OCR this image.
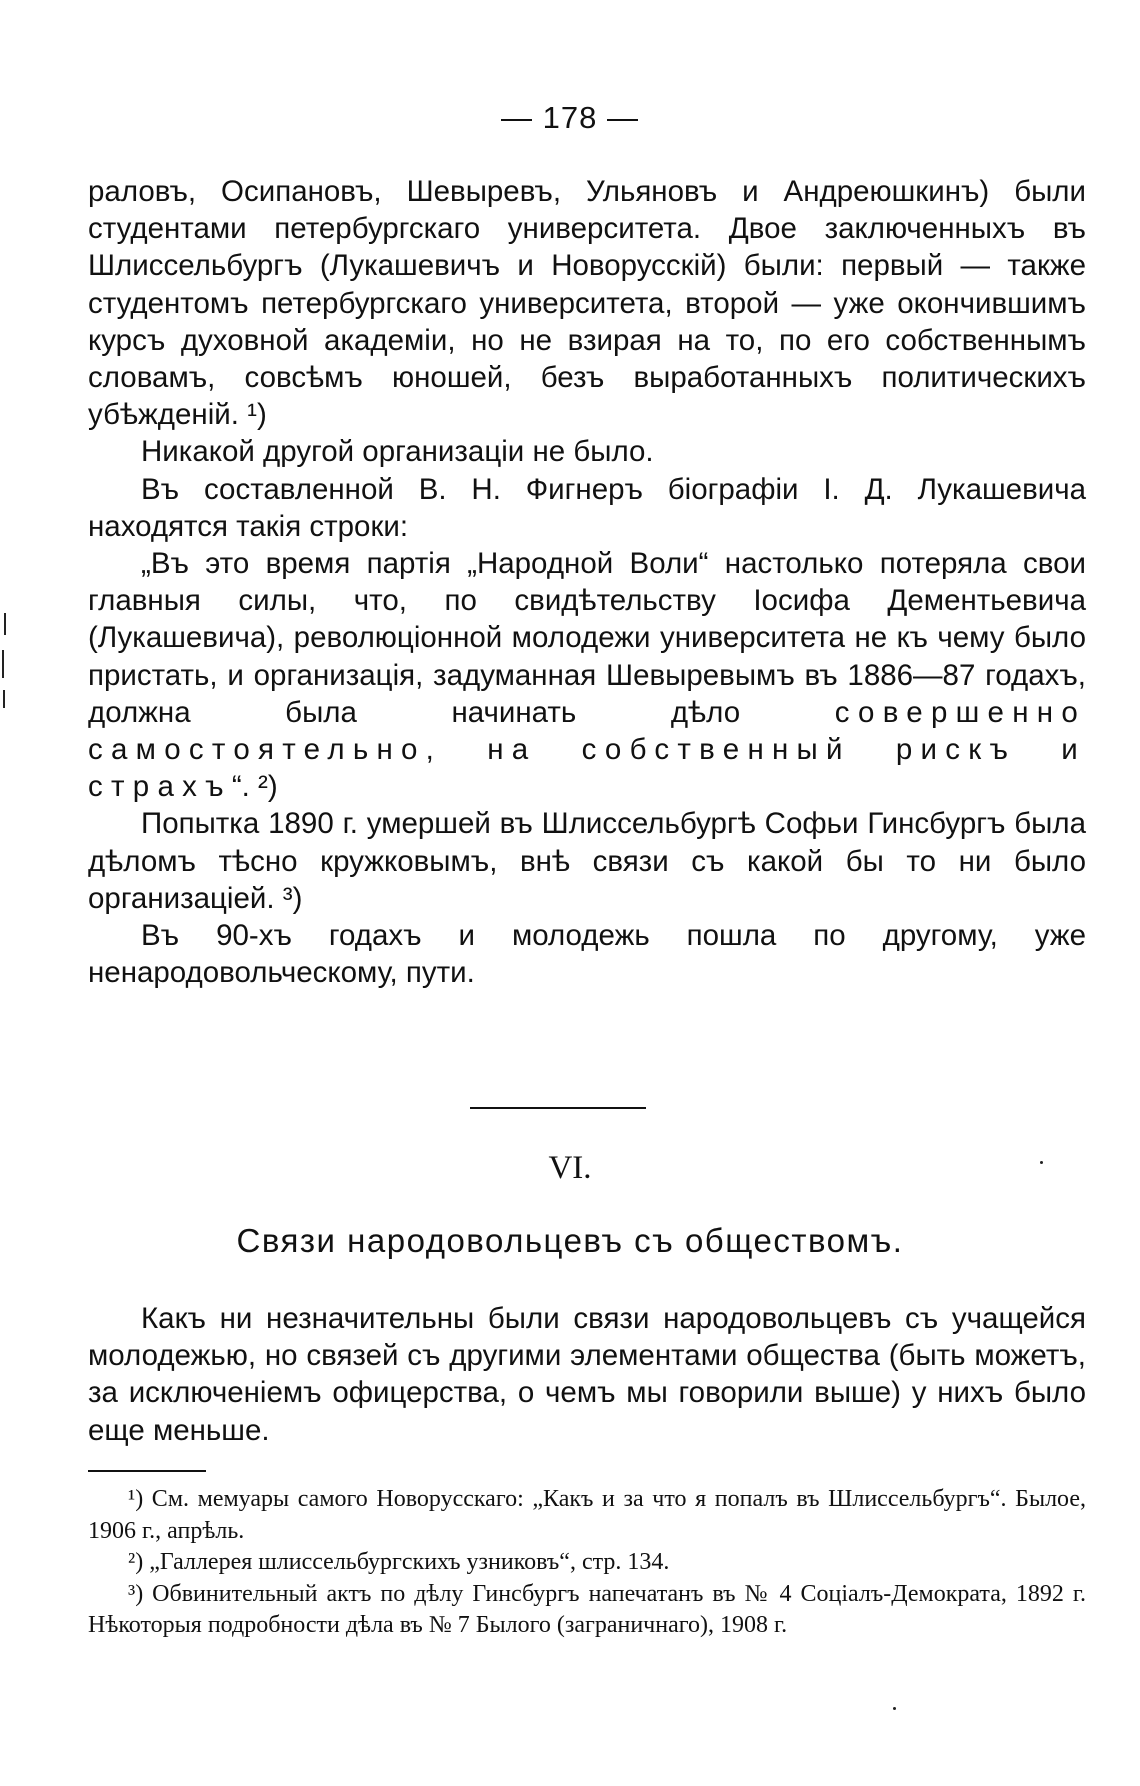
— 178 —

раловъ, Осипановъ, Шевыревъ, Ульяновъ и Андреюшкинъ) были студентами петербургскаго университета. Двое заключенныхъ въ Шлиссельбургъ (Лукашевичъ и Новорусскій) были: первый — также студентомъ петербургскаго университета, второй — уже окончившимъ курсъ духовной академіи, но не взирая на то, по его собственнымъ словамъ, совсѣмъ юношей, безъ выработанныхъ политическихъ убѣжденій. ¹)

Никакой другой организаціи не было.

Въ составленной В. Н. Фигнеръ біографіи І. Д. Лукашевича находятся такія строки:

„Въ это время партія „Народной Воли“ настолько потеряла свои главныя силы, что, по свидѣтельству Іосифа Дементьевича (Лукашевича), революціонной молодежи университета не къ чему было пристать, и организація, задуманная Шевыревымъ въ 1886—87 годахъ, должна была начинать дѣло совершенно самостоятельно, на собственный рискъ и страхъ“. ²)

Попытка 1890 г. умершей въ Шлиссельбургѣ Софьи Гинсбургъ была дѣломъ тѣсно кружковымъ, внѣ связи съ какой бы то ни было организаціей. ³)

Въ 90-хъ годахъ и молодежь пошла по другому, уже ненародовольческому, пути.

VI.
Связи народовольцевъ съ обществомъ.

Какъ ни незначительны были связи народовольцевъ съ учащейся молодежью, но связей съ другими элементами общества (быть можетъ, за исключеніемъ офицерства, о чемъ мы говорили выше) у нихъ было еще меньше.

¹) См. мемуары самого Новорусскаго: „Какъ и за что я попалъ въ Шлиссельбургъ“. Былое, 1906 г., апрѣль.

²) „Галлерея шлиссельбургскихъ узниковъ“, стр. 134.

³) Обвинительный актъ по дѣлу Гинсбургъ напечатанъ въ № 4 Соціалъ-Демократа, 1892 г. Нѣкоторыя подробности дѣла въ № 7 Былого (заграничнаго), 1908 г.
